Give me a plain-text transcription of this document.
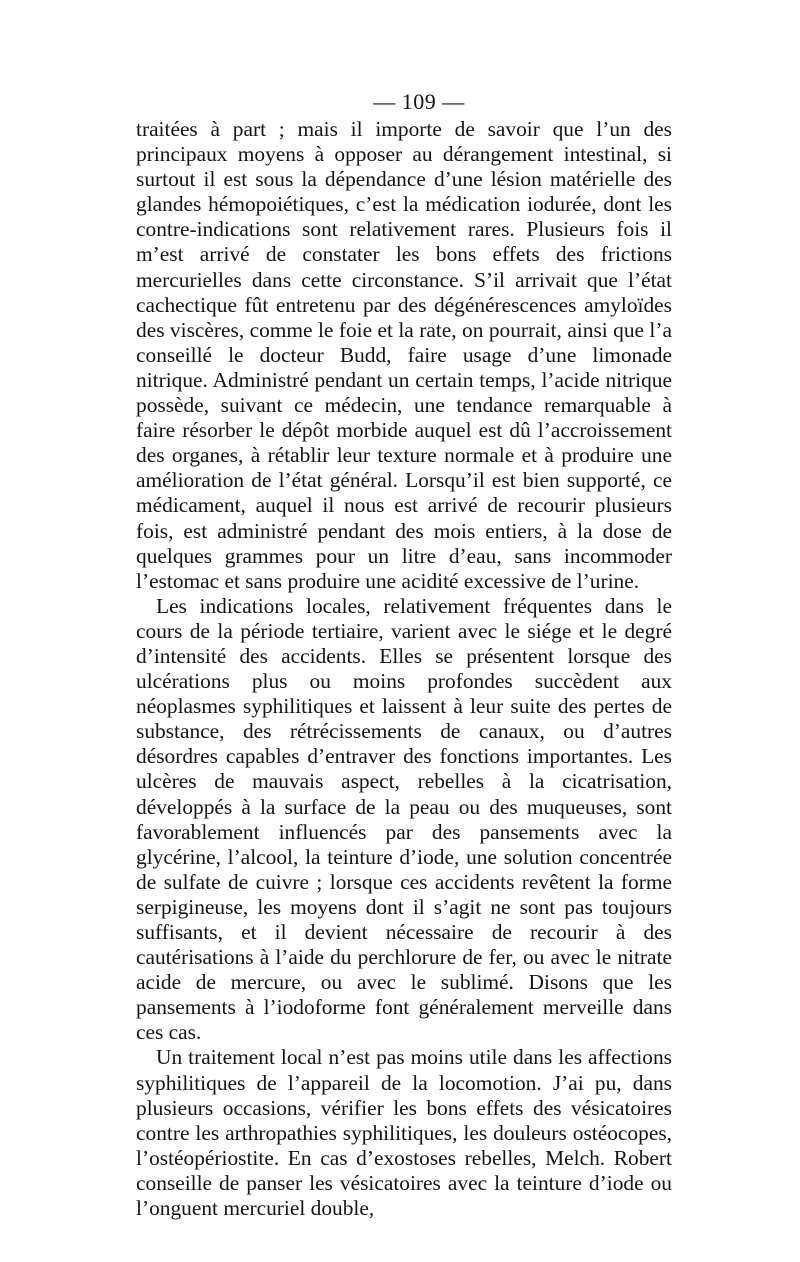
— 109 —

traitées à part ; mais il importe de savoir que l’un des principaux moyens à opposer au dérangement intestinal, si surtout il est sous la dépendance d’une lésion matérielle des glandes hémopoiétiques, c’est la médication iodurée, dont les contre-indications sont relativement rares. Plusieurs fois il m’est arrivé de constater les bons effets des frictions mercurielles dans cette circonstance. S’il arrivait que l’état cachectique fût entretenu par des dégénérescences amyloïdes des viscères, comme le foie et la rate, on pourrait, ainsi que l’a conseillé le docteur Budd, faire usage d’une limonade nitrique. Administré pendant un certain temps, l’acide nitrique possède, suivant ce médecin, une tendance remarquable à faire résorber le dépôt morbide auquel est dû l’accroissement des organes, à rétablir leur texture normale et à produire une amélioration de l’état général. Lorsqu’il est bien supporté, ce médicament, auquel il nous est arrivé de recourir plusieurs fois, est administré pendant des mois entiers, à la dose de quelques grammes pour un litre d’eau, sans incommoder l’estomac et sans produire une acidité excessive de l’urine.

Les indications locales, relativement fréquentes dans le cours de la période tertiaire, varient avec le siége et le degré d’intensité des accidents. Elles se présentent lorsque des ulcérations plus ou moins profondes succèdent aux néoplasmes syphilitiques et laissent à leur suite des pertes de substance, des rétrécissements de canaux, ou d’autres désordres capables d’entraver des fonctions importantes. Les ulcères de mauvais aspect, rebelles à la cicatrisation, développés à la surface de la peau ou des muqueuses, sont favorablement influencés par des pansements avec la glycérine, l’alcool, la teinture d’iode, une solution concentrée de sulfate de cuivre ; lorsque ces accidents revêtent la forme serpigineuse, les moyens dont il s’agit ne sont pas toujours suffisants, et il devient nécessaire de recourir à des cautérisations à l’aide du perchlorure de fer, ou avec le nitrate acide de mercure, ou avec le sublimé. Disons que les pansements à l’iodoforme font généralement merveille dans ces cas.

Un traitement local n’est pas moins utile dans les affections syphilitiques de l’appareil de la locomotion. J’ai pu, dans plusieurs occasions, vérifier les bons effets des vésicatoires contre les arthropathies syphilitiques, les douleurs ostéocopes, l’ostéopériostite. En cas d’exostoses rebelles, Melch. Robert conseille de panser les vésicatoires avec la teinture d’iode ou l’onguent mercuriel double,
